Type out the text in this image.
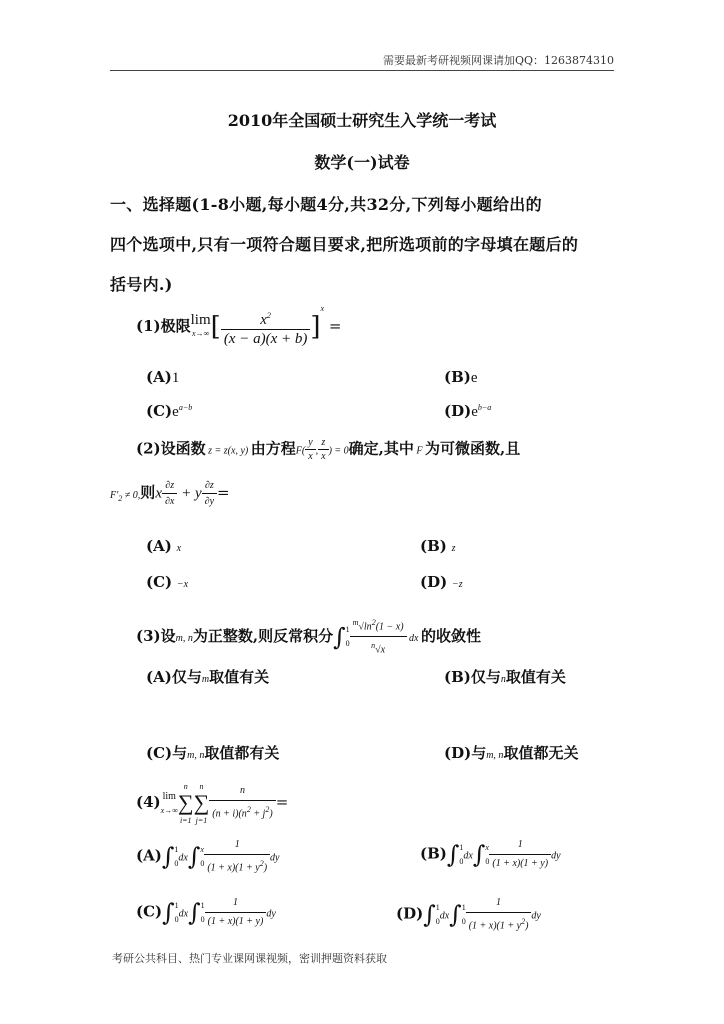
需要最新考研视频网课请加QQ：1263874310
2010年全国硕士研究生入学统一考试
数学(一)试卷
一、选择题(1-8小题,每小题4分,共32分,下列每小题给出的
四个选项中,只有一项符合题目要求,把所选项前的字母填在题后的
括号内.)
(1)极限lim
$x\to\infty[ \frac{x^2}{(x - a)(x + b)} ]^x$ =
(A)1	(B)e
$(C)e^{a-b}$	$(D)e^{b-a}$
(2)设函数 z = z(x, y) 由方程$F( \frac{y}{x}$ , $\frac{z}{x}$ ) = 0确定,其中 F 为可微函数,且
$F'_2 \ne 0$,则x $\frac{\partial z}{\partial x} + y \frac{\partial z}{\partial y}$ =
(A) x	(B) z
(C) −x	(D) −z
(3)设m, n为正整数,则反常积分∫1
$0 \frac{^m√\ln^2(1 - x)}{^n√x}$ dx 的收敛性
(A)仅与m取值有关	(B)仅与n取值有关
(C)与m, n取值都有关	(D)与m, n取值都无关
(4) lim
x→∞n
∑
i=1n
∑
$j=1 \frac{n}{(n + i)(n^2 + j^2)}$ =
(A)∫1
0dx∫x
$0 \frac{1}{(1 + x)(1 + y^2)}$ dy	(B)∫1
0dx∫x
$0 \frac{1}{(1 + x)(1 + y)}$ dy
(C)∫1
0dx∫1
$0 \frac{1}{(1 + x)(1 + y)}$ dy	(D)∫1
0dx∫1
$0 \frac{1}{(1 + x)(1 + y^2)}$ dy
考研公共科目、热门专业课网课视频，密训押题资料获取
